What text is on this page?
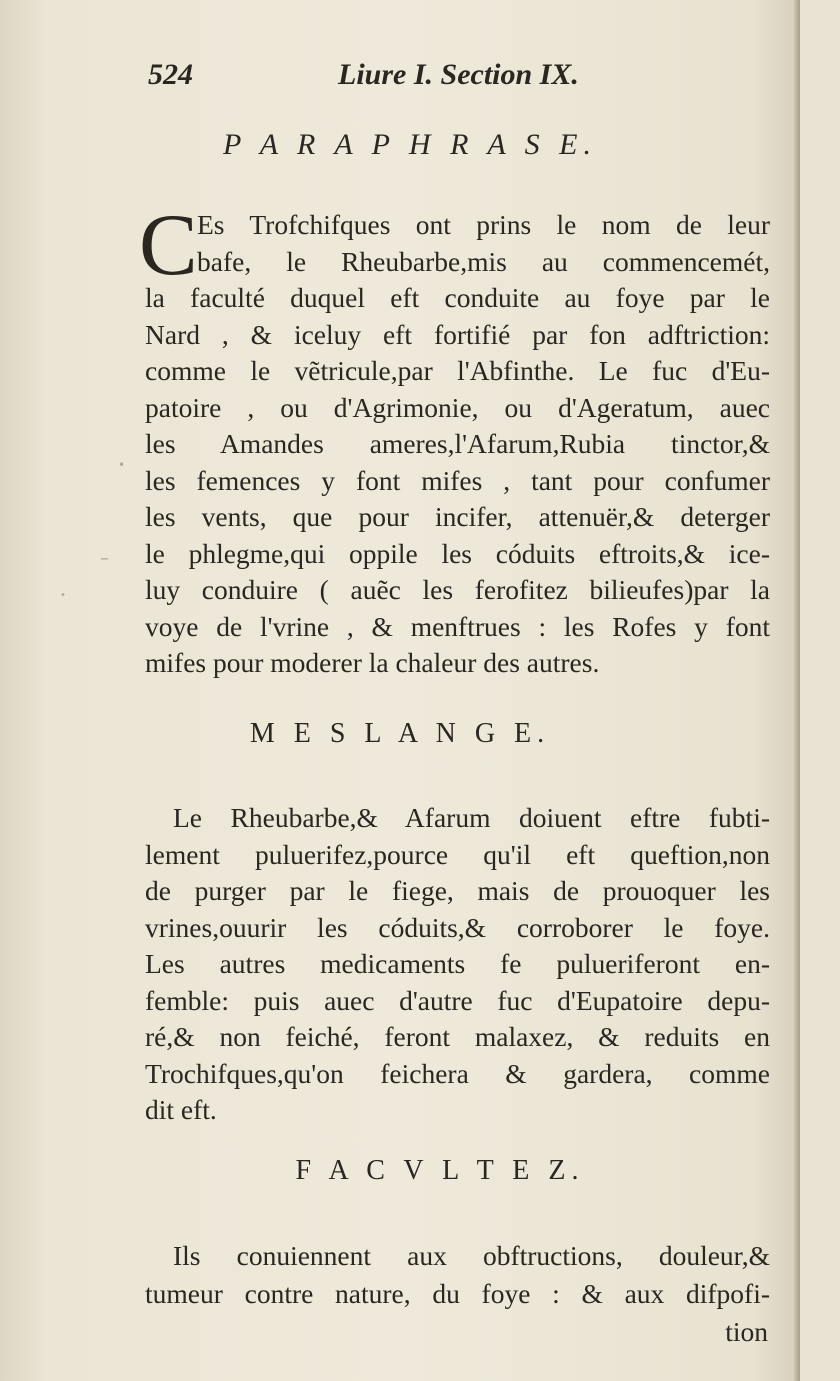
524	Liure I. Section IX.
P A R A P H R A S E.
C Es Trofchifques ont prins le nom de leur
bafe, le Rheubarbe,mis au commencemét,
la faculté duquel eft conduite au foye par le
Nard , & iceluy eft fortifié par fon adftriction:
comme le vẽtricule,par l'Abfinthe. Le fuc d'Eu-
patoire , ou d'Agrimonie, ou d'Ageratum, auec
les Amandes ameres,l'Afarum,Rubia tinctor,&
les femences y font mifes , tant pour confumer
les vents, que pour incifer, attenuër,& deterger
le phlegme,qui oppile les códuits eftroits,& ice-
luy conduire ( auẽc les ferofitez bilieufes)par la
voye de l'vrine , & menftrues : les Rofes y font
mifes pour moderer la chaleur des autres.
M E S L A N G E.
Le Rheubarbe,& Afarum doiuent eftre fubti-
lement puluerifez,pource qu'il eft queftion,non
de purger par le fiege, mais de prouoquer les
vrines,ouurir les códuits,& corroborer le foye.
Les autres medicaments fe pulueriferont en-
femble: puis auec d'autre fuc d'Eupatoire depu-
ré,& non feiché, feront malaxez, & reduits en
Trochifques,qu'on feichera & gardera, comme
dit eft.
F A C V L T E Z.
Ils conuiennent aux obftructions, douleur,&
tumeur contre nature, du foye : & aux difpofi-
tion
•
•
–
